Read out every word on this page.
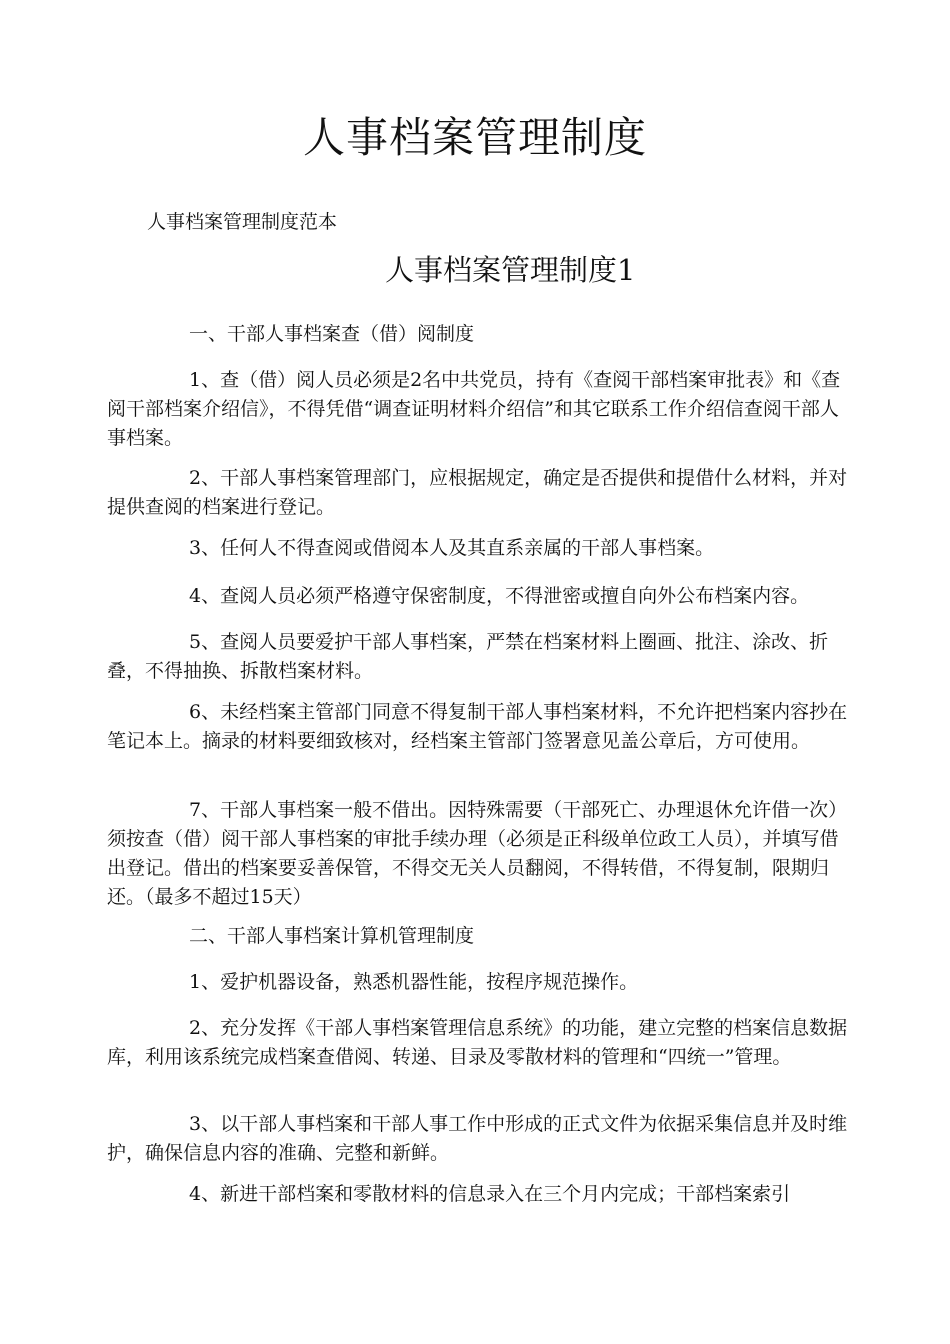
人事档案管理制度
人事档案管理制度范本
人事档案管理制度1

一、干部人事档案查（借）阅制度

1、查（借）阅人员必须是2名中共党员，持有《查阅干部档案审批表》和《查阅干部档案介绍信》，不得凭借“调查证明材料介绍信”和其它联系工作介绍信查阅干部人事档案。

2、干部人事档案管理部门，应根据规定，确定是否提供和提借什么材料，并对提供查阅的档案进行登记。

3、任何人不得查阅或借阅本人及其直系亲属的干部人事档案。

4、查阅人员必须严格遵守保密制度，不得泄密或擅自向外公布档案内容。

5、查阅人员要爱护干部人事档案，严禁在档案材料上圈画、批注、涂改、折叠，不得抽换、拆散档案材料。

6、未经档案主管部门同意不得复制干部人事档案材料，不允许把档案内容抄在笔记本上。摘录的材料要细致核对，经档案主管部门签署意见盖公章后，方可使用。

7、干部人事档案一般不借出。因特殊需要（干部死亡、办理退休允许借一次）须按查（借）阅干部人事档案的审批手续办理（必须是正科级单位政工人员），并填写借出登记。借出的档案要妥善保管，不得交无关人员翻阅，不得转借，不得复制，限期归还。（最多不超过15天）

二、干部人事档案计算机管理制度

1、爱护机器设备，熟悉机器性能，按程序规范操作。

2、充分发挥《干部人事档案管理信息系统》的功能，建立完整的档案信息数据库，利用该系统完成档案查借阅、转递、目录及零散材料的管理和“四统一”管理。

3、以干部人事档案和干部人事工作中形成的正式文件为依据采集信息并及时维护，确保信息内容的准确、完整和新鲜。

4、新进干部档案和零散材料的信息录入在三个月内完成；干部档案索引
